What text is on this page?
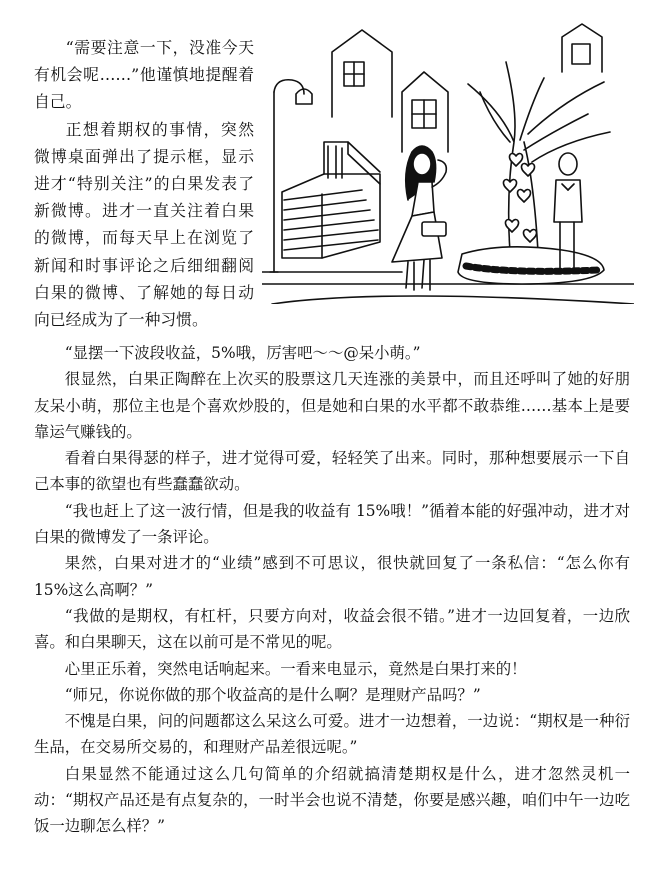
“需要注意一下，没准今天有机会呢……”他谨慎地提醒着自己。

正想着期权的事情，突然微博桌面弹出了提示框，显示进才“特别关注”的白果发表了新微博。进才一直关注着白果的微博，而每天早上在浏览了新闻和时事评论之后细细翻阅白果的微博、了解她的每日动向已经成为了一种习惯。

“显摆一下波段收益，5%哦，厉害吧～～@呆小萌。”

很显然，白果正陶醉在上次买的股票这几天连涨的美景中，而且还呼叫了她的好朋友呆小萌，那位主也是个喜欢炒股的，但是她和白果的水平都不敢恭维……基本上是要靠运气赚钱的。

看着白果得瑟的样子，进才觉得可爱，轻轻笑了出来。同时，那种想要展示一下自己本事的欲望也有些蠢蠢欲动。

“我也赶上了这一波行情，但是我的收益有 15%哦！”循着本能的好强冲动，进才对白果的微博发了一条评论。

果然，白果对进才的“业绩”感到不可思议，很快就回复了一条私信：“怎么你有 15%这么高啊？”

“我做的是期权，有杠杆，只要方向对，收益会很不错。”进才一边回复着，一边欣喜。和白果聊天，这在以前可是不常见的呢。

心里正乐着，突然电话响起来。一看来电显示，竟然是白果打来的！

“师兄，你说你做的那个收益高的是什么啊？是理财产品吗？”

不愧是白果，问的问题都这么呆这么可爱。进才一边想着，一边说：“期权是一种衍生品，在交易所交易的，和理财产品差很远呢。”

白果显然不能通过这么几句简单的介绍就搞清楚期权是什么，进才忽然灵机一动：“期权产品还是有点复杂的，一时半会也说不清楚，你要是感兴趣，咱们中午一边吃饭一边聊怎么样？”
